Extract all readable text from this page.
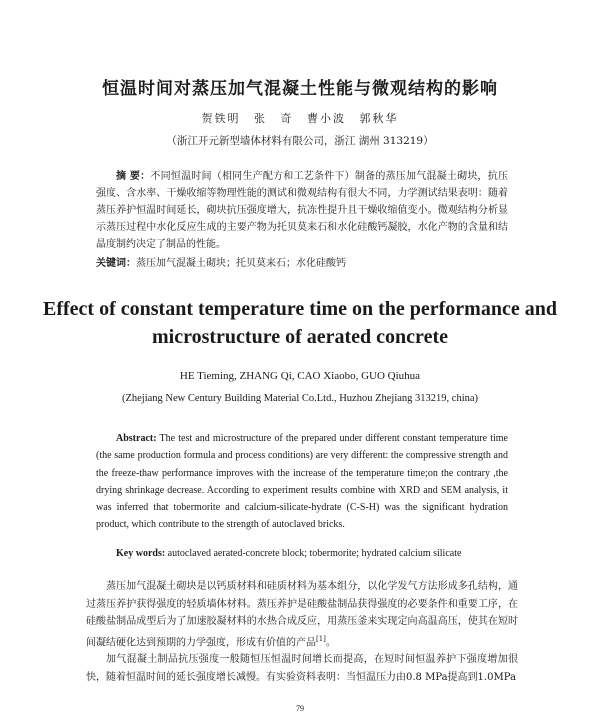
恒温时间对蒸压加气混凝土性能与微观结构的影响
贺铁明 张 奇 曹小波 郭秋华
（浙江开元新型墙体材料有限公司，浙江 湖州 313219）

摘 要：不同恒温时间（相同生产配方和工艺条件下）制备的蒸压加气混凝土砌块，抗压强度、含水率、干燥收缩等物理性能的测试和微观结构有很大不同，力学测试结果表明：随着蒸压养护恒温时间延长，砌块抗压强度增大，抗冻性提升且干燥收缩值变小。微观结构分析显示蒸压过程中水化反应生成的主要产物为托贝莫来石和水化硅酸钙凝胶，水化产物的含量和结晶度制约决定了制品的性能。

关键词：蒸压加气混凝土砌块；托贝莫来石；水化硅酸钙

Effect of constant temperature time on the performance and microstructure of aerated concrete
HE Tieming, ZHANG Qi, CAO Xiaobo, GUO Qiuhua
(Zhejiang New Century Building Material Co.Ltd., Huzhou Zhejiang 313219, china)

Abstract: The test and microstructure of the prepared under different constant temperature time (the same production formula and process conditions) are very different: the compressive strength and the freeze-thaw performance improves with the increase of the temperature time;on the contrary ,the drying shrinkage decrease. According to experiment results combine with XRD and SEM analysis, it was inferred that tobermorite and calcium-silicate-hydrate (C-S-H) was the significant hydration product, which contribute to the strength of autoclaved bricks.

Key words: autoclaved aerated-concrete block; tobermorite; hydrated calcium silicate

蒸压加气混凝土砌块是以钙质材料和硅质材料为基本组分，以化学发气方法形成多孔结构，通过蒸压养护获得强度的轻质墙体材料。蒸压养护是硅酸盐制品获得强度的必要条件和重要工序，在硅酸盐制品成型后为了加速胶凝材料的水热合成反应，用蒸压釜来实现定向高温高压，使其在短时间凝结硬化达到预期的力学强度，形成有价值的产品[1]。

加气混凝土制品抗压强度一般随恒压恒温时间增长而提高，在短时间恒温养护下强度增加很快，随着恒温时间的延长强度增长减慢。有实验资料表明：当恒温压力由0.8 MPa提高到1.0MPa

79
